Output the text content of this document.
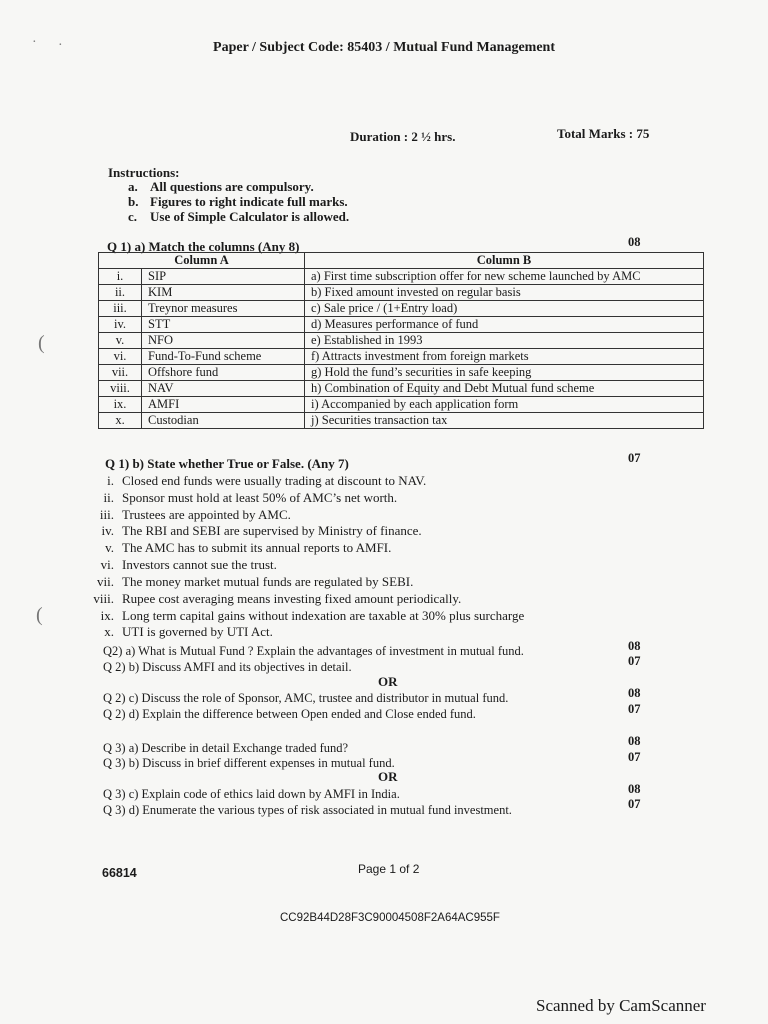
Paper / Subject Code: 85403 / Mutual Fund Management
Duration : 2 ½ hrs.	Total Marks : 75
Instructions:
a. All questions are compulsory.
b. Figures to right indicate full marks.
c. Use of Simple Calculator is allowed.
Q 1) a) Match the columns (Any 8)	08
Column A		Column B
i.	SIP	a) First time subscription offer for new scheme launched by AMC
ii.	KIM	b) Fixed amount invested on regular basis
iii.	Treynor measures	c) Sale price / (1+Entry load)
iv.	STT	d) Measures performance of fund
v.	NFO	e) Established in 1993
vi.	Fund-To-Fund scheme	f) Attracts investment from foreign markets
vii.	Offshore fund	g) Hold the fund’s securities in safe keeping
viii.	NAV	h) Combination of Equity and Debt Mutual fund scheme
ix.	AMFI	i) Accompanied by each application form
x.	Custodian	j) Securities transaction tax
Q 1) b) State whether True or False. (Any 7)	07
i. Closed end funds were usually trading at discount to NAV.
ii. Sponsor must hold at least 50% of AMC’s net worth.
iii. Trustees are appointed by AMC.
iv. The RBI and SEBI are supervised by Ministry of finance.
v. The AMC has to submit its annual reports to AMFI.
vi. Investors cannot sue the trust.
vii. The money market mutual funds are regulated by SEBI.
viii. Rupee cost averaging means investing fixed amount periodically.
ix. Long term capital gains without indexation are taxable at 30% plus surcharge
x. UTI is governed by UTI Act.
Q2) a) What is Mutual Fund ? Explain the advantages of investment in mutual fund.	08
Q 2) b) Discuss AMFI and its objectives in detail.	07
OR
Q 2) c) Discuss the role of Sponsor, AMC, trustee and distributor in mutual fund.	08
Q 2) d) Explain the difference between Open ended and Close ended fund.	07
Q 3) a) Describe in detail Exchange traded fund?	08
Q 3) b) Discuss in brief different expenses in mutual fund.	07
OR
Q 3) c) Explain code of ethics laid down by AMFI in India.	08
Q 3) d) Enumerate the various types of risk associated in mutual fund investment.	07
66814	Page 1 of 2
CC92B44D28F3C90004508F2A64AC955F
Scanned by CamScanner
· ·
(
(
